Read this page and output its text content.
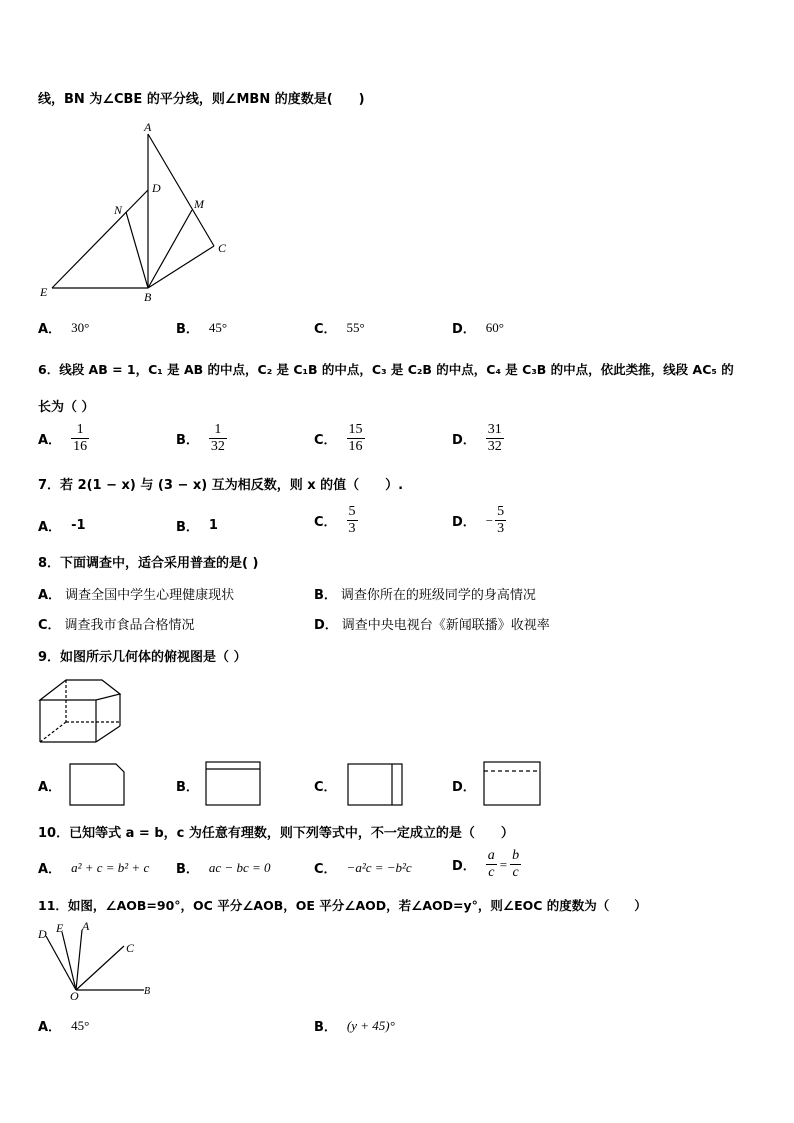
线，BN 为∠CBE 的平分线，则∠MBN 的度数是(　　)
A
D
N	M
C
E	B
A． 30°	B． 45°	C． 55°	D． 60°
6．线段 AB = 1，C₁ 是 AB 的中点，C₂ 是 C₁B 的中点，C₃ 是 C₂B 的中点，C₄ 是 C₃B 的中点，依此类推，线段 AC₅ 的
长为（ ）
A． $\frac{1}{16}$	B． $\frac{1}{32}$	C． $\frac{15}{16}$	D． $\frac{31}{32}$
7．若 2(1 − x) 与 (3 − x) 互为相反数，则 x 的值（　　）.
A． -1	B． 1	C． $\frac{5}{3}$	D． − $\frac{5}{3}$
8．下面调查中，适合采用普查的是( )
A． 调查全国中学生心理健康现状	B． 调查你所在的班级同学的身高情况
C． 调查我市食品合格情况	D． 调查中央电视台《新闻联播》收视率
9．如图所示几何体的俯视图是（ ）
A．	B．	C．	D．
10．已知等式 a = b，c 为任意有理数，则下列等式中，不一定成立的是（　　）
A． a² + c = b² + c B． ac − bc = 0	C． −a²c = −b²c	D． $\frac{a}{c} = \frac{b}{c}$
11．如图，∠AOB=90°，OC 平分∠AOB，OE 平分∠AOD，若∠AOD=y°，则∠EOC 的度数为（　　）
D E A
C
O	B
A． 45°	B． (y + 45)°
